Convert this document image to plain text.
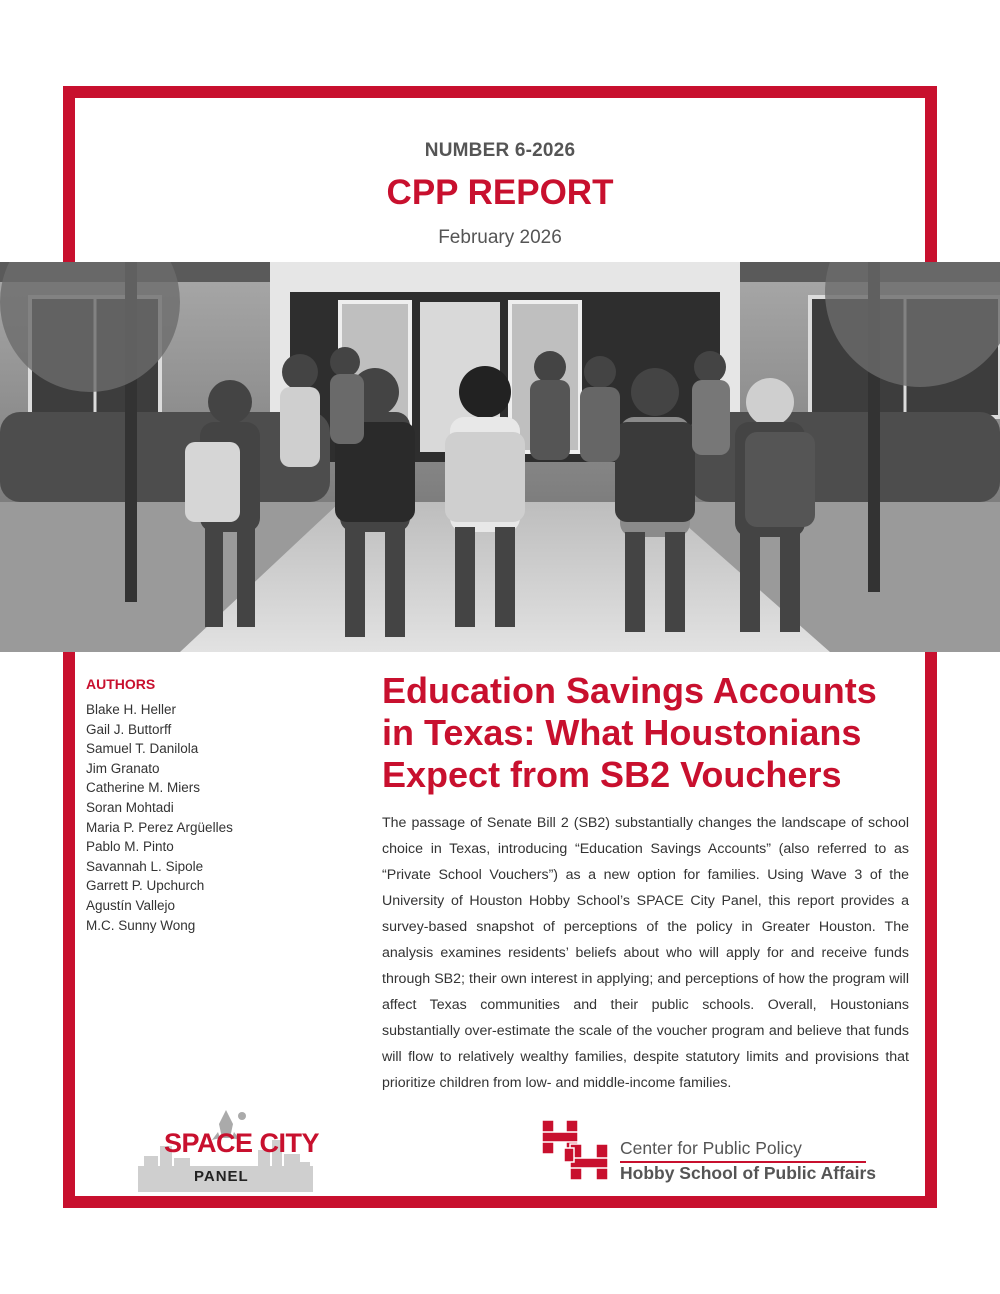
NUMBER 6-2026
CPP REPORT
February 2026
AUTHORS
Blake H. Heller
Gail J. Buttorff
Samuel T. Danilola
Jim Granato
Catherine M. Miers
Soran Mohtadi
Maria P. Perez Argüelles
Pablo M. Pinto
Savannah L. Sipole
Garrett P. Upchurch
Agustín Vallejo
M.C. Sunny Wong
Education Savings Accounts
in Texas: What Houstonians
Expect from SB2 Vouchers

The passage of Senate Bill 2 (SB2) substantially changes the landscape of school choice in Texas, introducing “Education Savings Accounts” (also referred to as “Private School Vouchers”) as a new option for families. Using Wave 3 of the University of Houston Hobby School’s SPACE City Panel, this report provides a survey-based snapshot of perceptions of the policy in Greater Houston. The analysis examines residents’ beliefs about who will apply for and receive funds through SB2; their own interest in applying; and perceptions of how the program will affect Texas communities and their public schools. Overall, Houstonians substantially over-estimate the scale of the voucher program and believe that funds will flow to relatively wealthy families, despite statutory limits and provisions that prioritize children from low- and middle-income families.

SPACE CITY
PANEL
Center for Public Policy
Hobby School of Public Affairs
